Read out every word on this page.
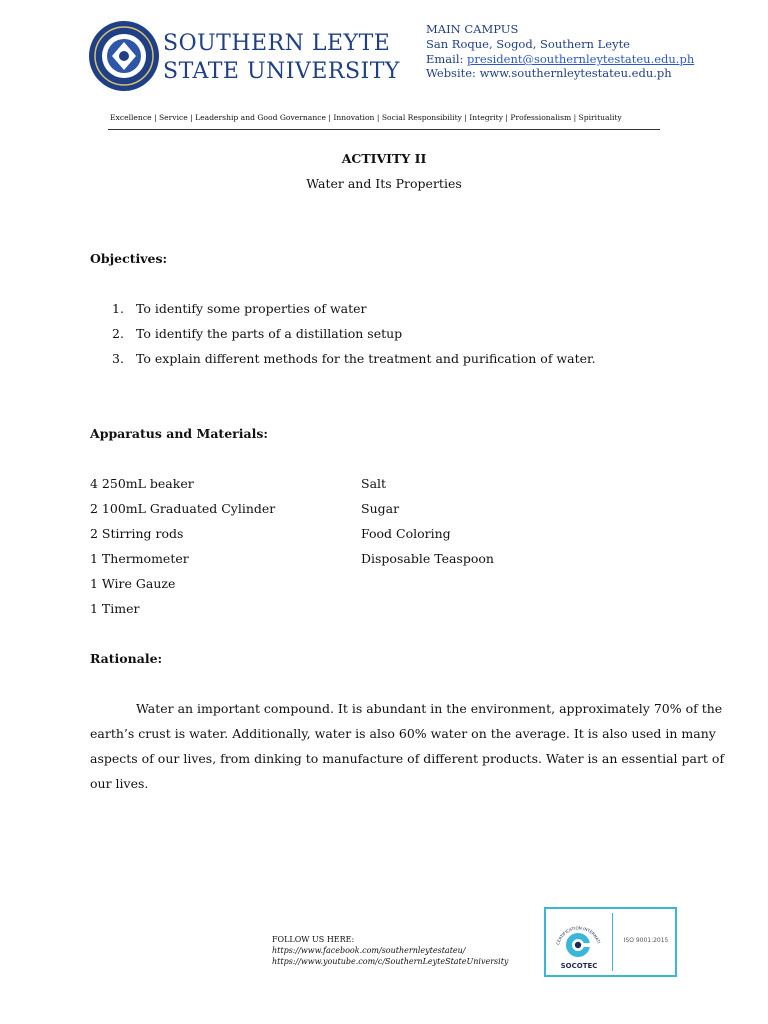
SOUTHERN LEYTE
STATE UNIVERSITY
MAIN CAMPUS
San Roque, Sogod, Southern Leyte
Email: president@southernleytestateu.edu.ph
Website: www.southernleytestateu.edu.ph
Excellence | Service | Leadership and Good Governance | Innovation | Social Responsibility | Integrity | Professionalism | Spirituality
ACTIVITY II
Water and Its Properties
Objectives:
1. To identify some properties of water
2. To identify the parts of a distillation setup
3. To explain different methods for the treatment and purification of water.
Apparatus and Materials:
4 250mL beaker
2 100mL Graduated Cylinder
2 Stirring rods
1 Thermometer
1 Wire Gauze
1 Timer
Salt
Sugar
Food Coloring
Disposable Teaspoon
Rationale:
Water an important compound. It is abundant in the environment, approximately 70% of the
earth’s crust is water. Additionally, water is also 60% water on the average. It is also used in many
aspects of our lives, from dinking to manufacture of different products. Water is an essential part of
our lives.
FOLLOW US HERE:
https://www.facebook.com/southernleytestateu/
https://www.youtube.com/c/SouthernLeyteStateUniversity
CERTIFICATION INTERNATI
SOCOTEC
ISO 9001:2015
